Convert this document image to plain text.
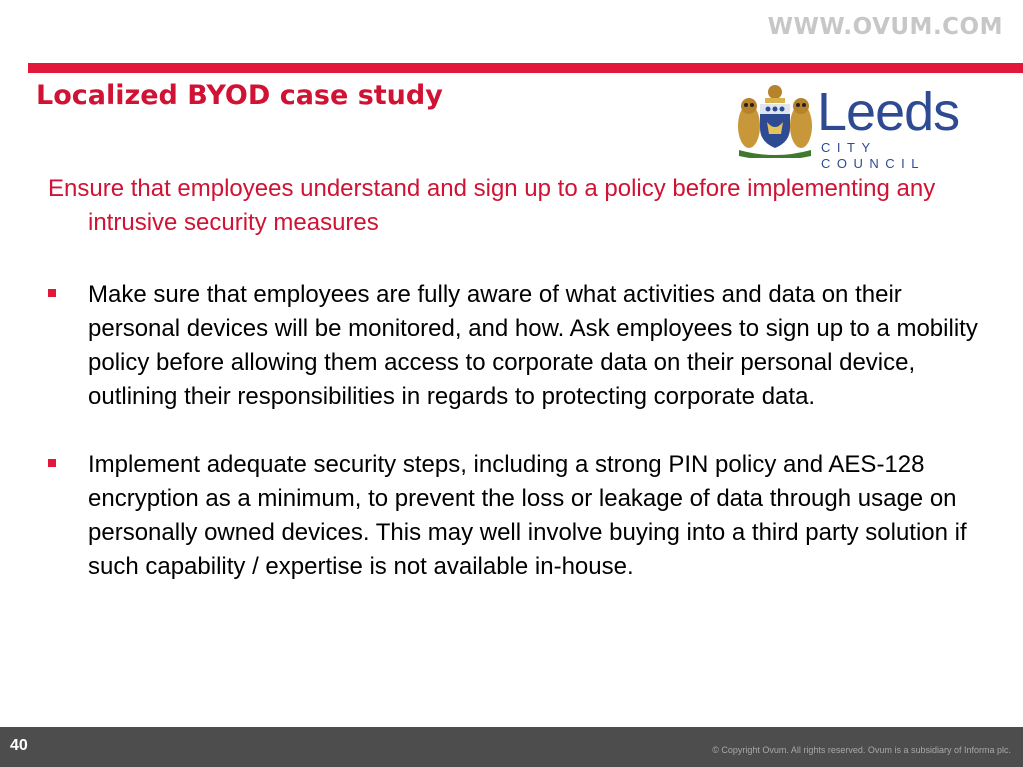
WWW.OVUM.COM
Localized BYOD case study	Leeds
CITY COUNCIL

Ensure that employees understand and sign up to a policy before implementing any intrusive security measures

Make sure that employees are fully aware of what activities and data on their personal devices will be monitored, and how. Ask employees to sign up to a mobility policy before allowing them access to corporate data on their personal device, outlining their responsibilities in regards to protecting corporate data.
Implement adequate security steps, including a strong PIN policy and AES-128 encryption as a minimum, to prevent the loss or leakage of data through usage on personally owned devices. This may well involve buying into a third party solution if such capability / expertise is not available in-house.
40	© Copyright Ovum. All rights reserved. Ovum is a subsidiary of Informa plc.
